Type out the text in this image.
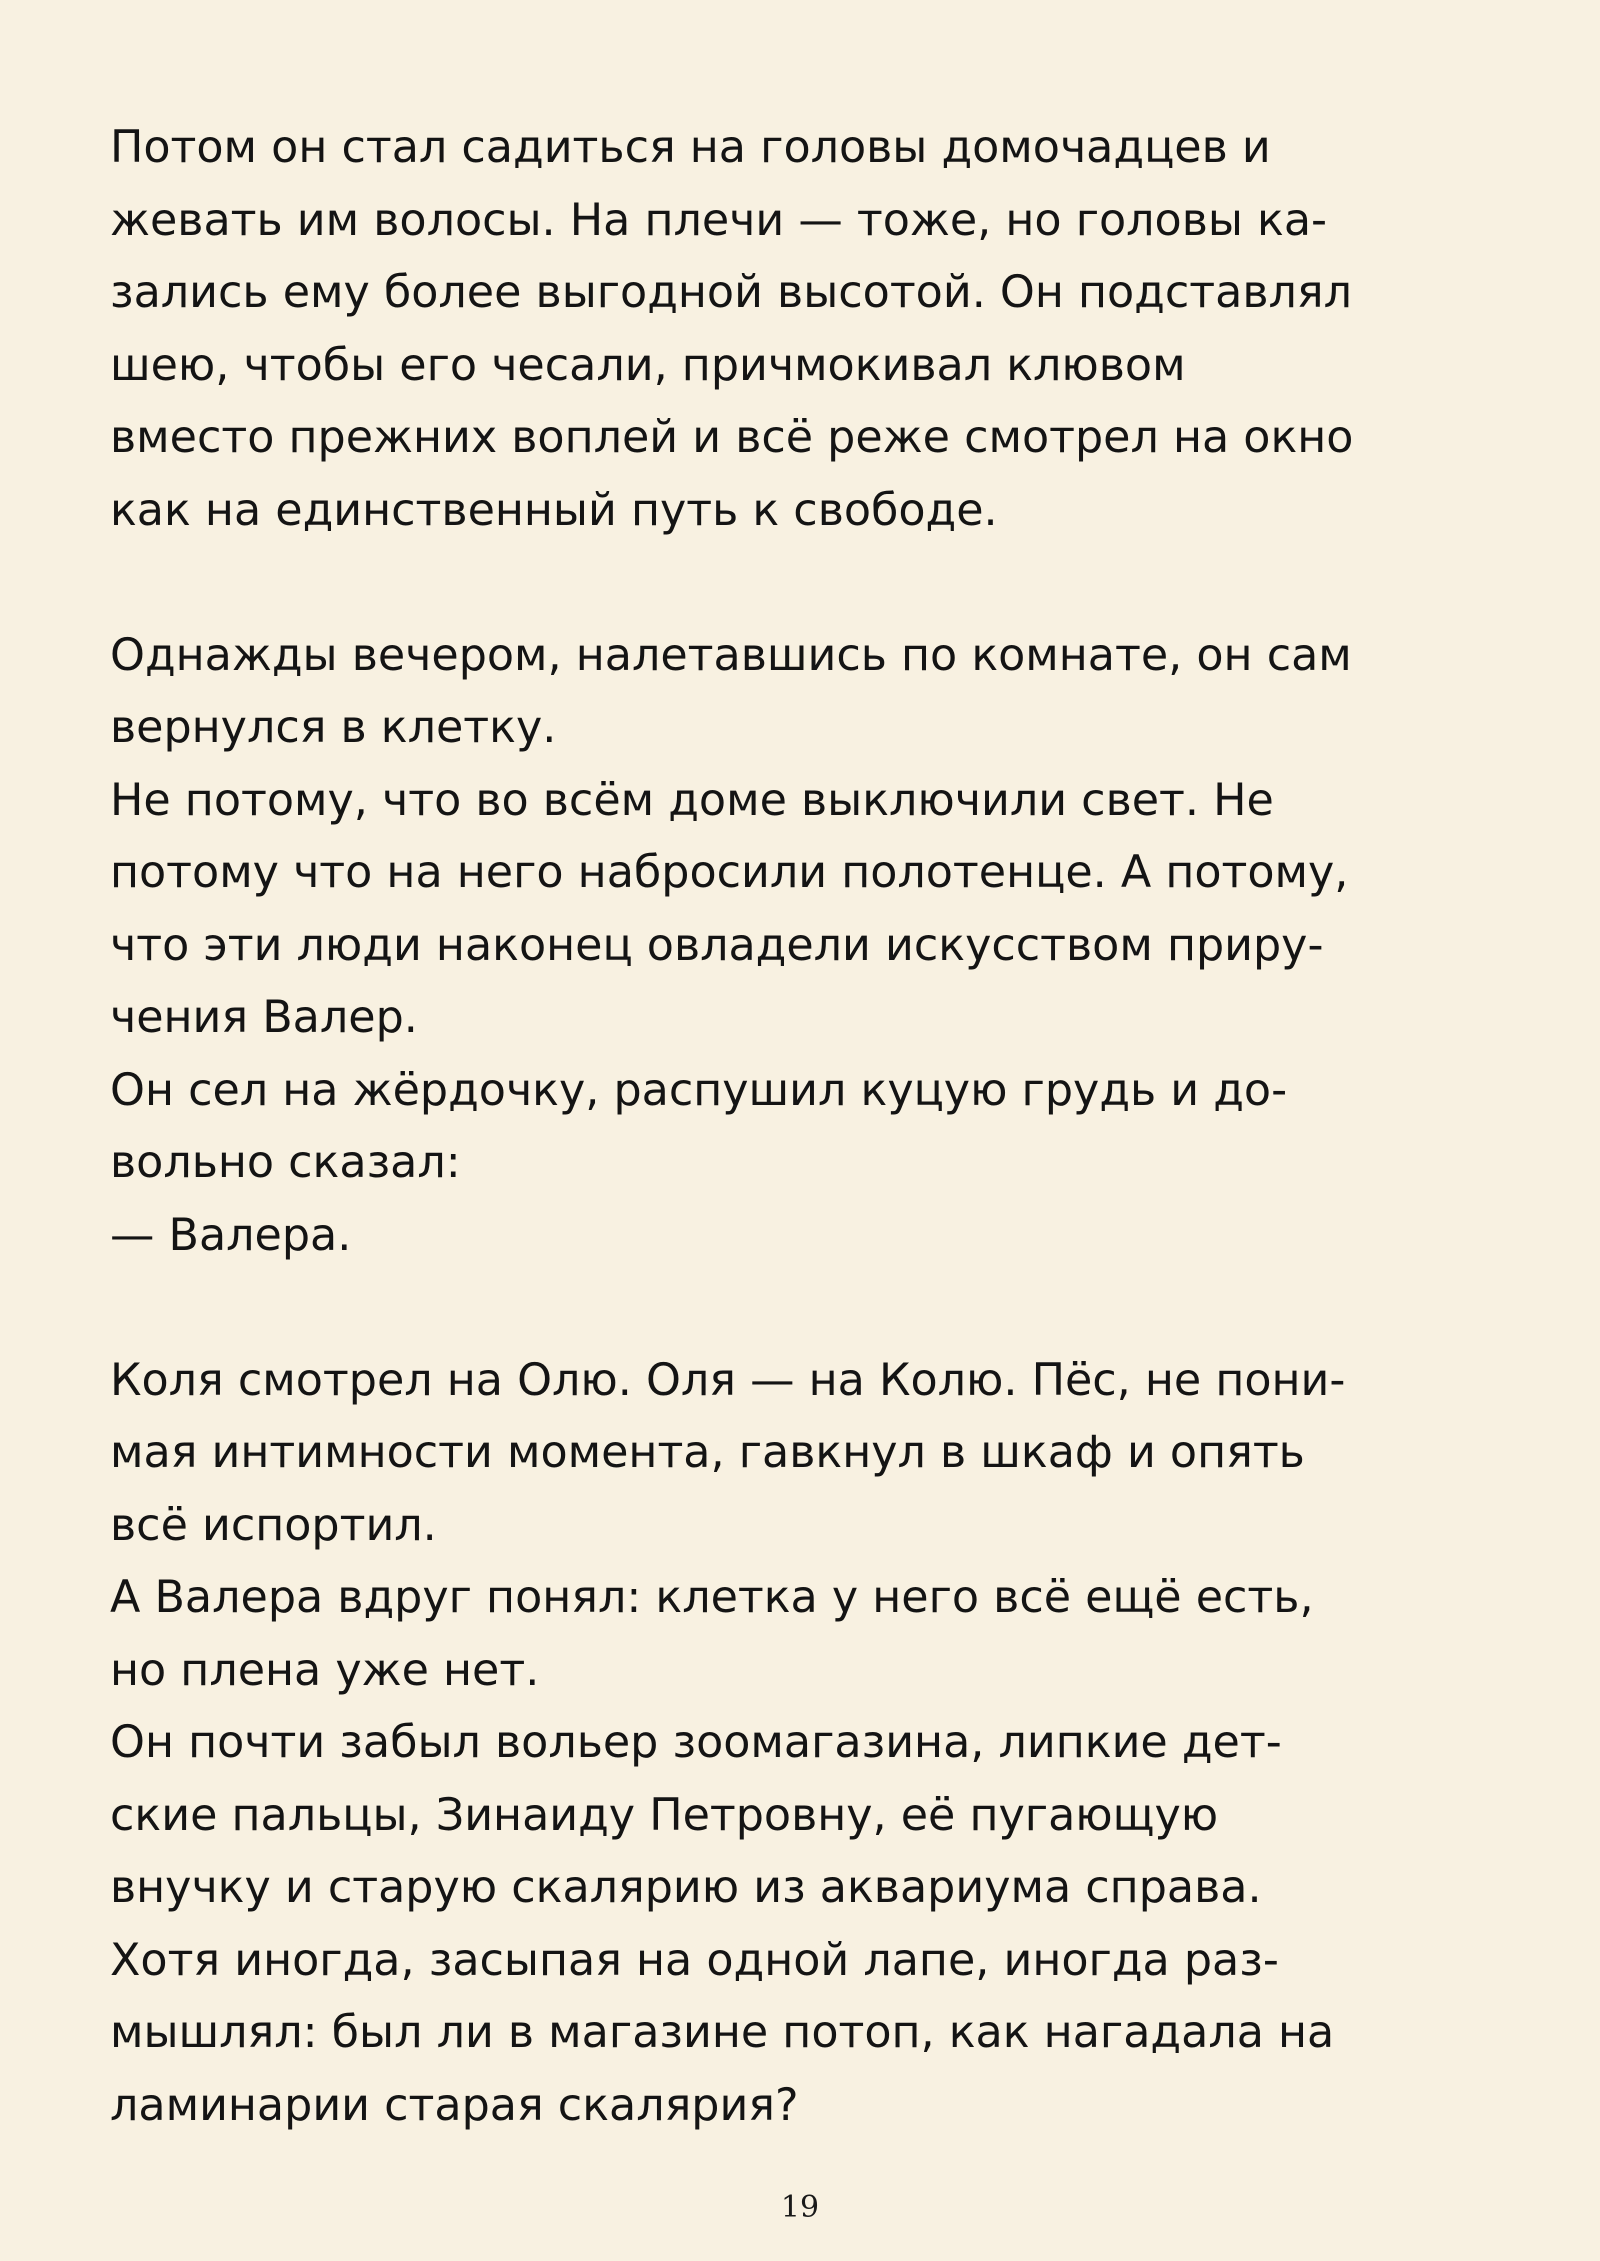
Потом он стал садиться на головы домочадцев и
жевать им волосы. На плечи — тоже, но головы ка-
зались ему более выгодной высотой. Он подставлял
шею, чтобы его чесали, причмокивал клювом
вместо прежних воплей и всё реже смотрел на окно
как на единственный путь к свободе.
Однажды вечером, налетавшись по комнате, он сам
вернулся в клетку.
Не потому, что во всём доме выключили свет. Не
потому что на него набросили полотенце. А потому,
что эти люди наконец овладели искусством приру-
чения Валер.
Он сел на жёрдочку, распушил куцую грудь и до-
вольно сказал:
— Валера.
Коля смотрел на Олю. Оля — на Колю. Пёс, не пони-
мая интимности момента, гавкнул в шкаф и опять
всё испортил.
А Валера вдруг понял: клетка у него всё ещё есть,
но плена уже нет.
Он почти забыл вольер зоомагазина, липкие дет-
ские пальцы, Зинаиду Петровну, её пугающую
внучку и старую скалярию из аквариума справа.
Хотя иногда, засыпая на одной лапе, иногда раз-
мышлял: был ли в магазине потоп, как нагадала на
ламинарии старая скалярия?
19
